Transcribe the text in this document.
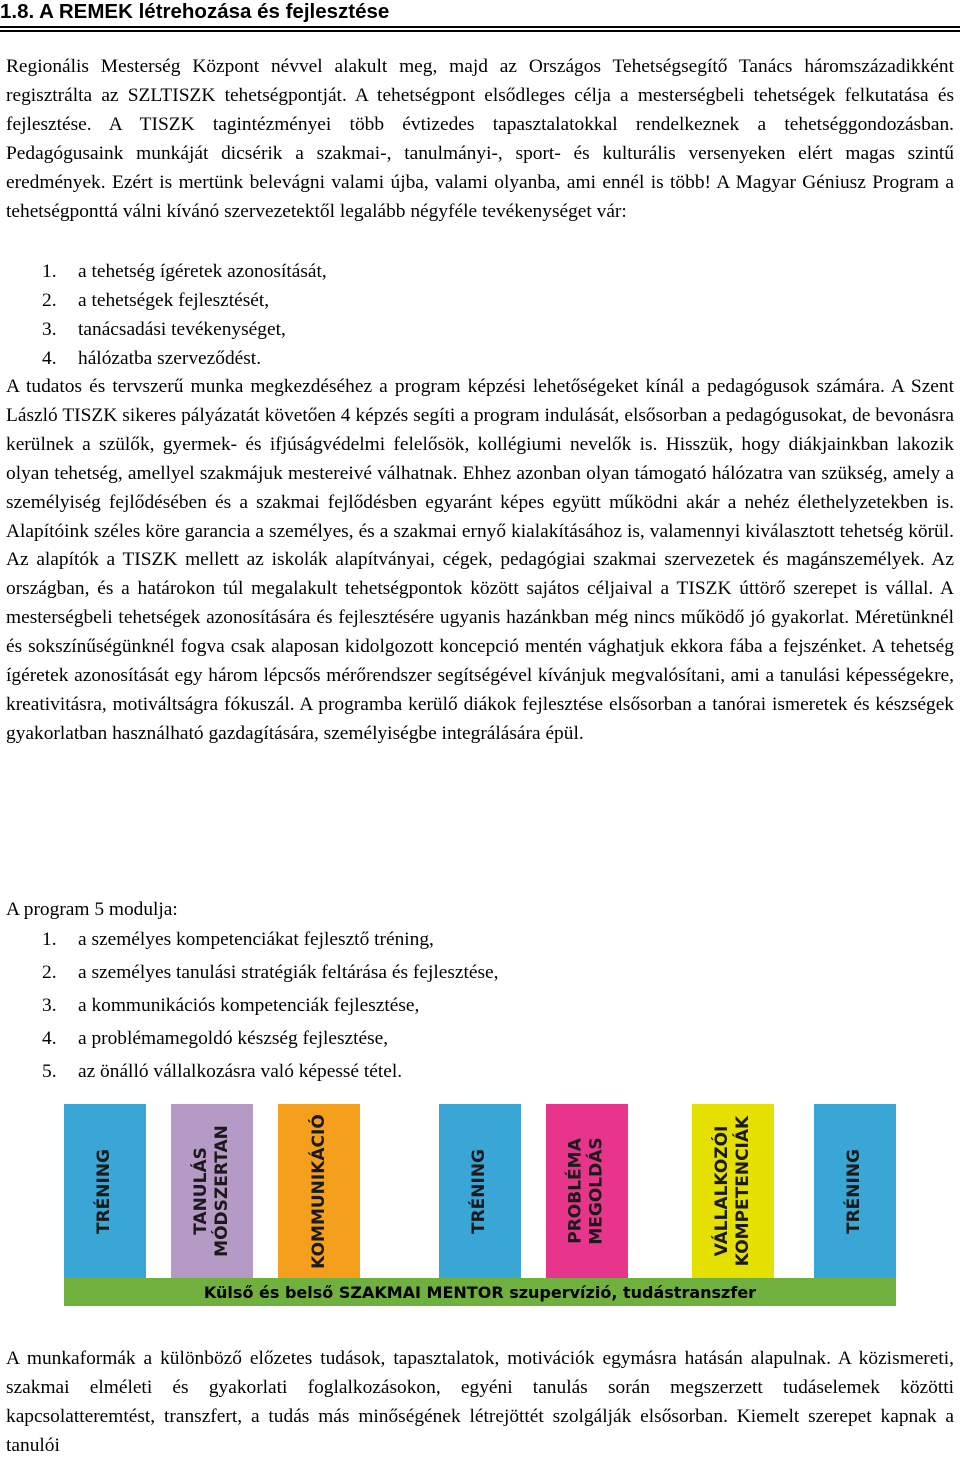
1.8. A REMEK létrehozása és fejlesztése
Regionális Mesterség Központ névvel alakult meg, majd az Országos Tehetségsegítő Tanács háromszázadikként regisztrálta az SZLTISZK tehetségpontját. A tehetségpont elsődleges célja a mesterségbeli tehetségek felkutatása és fejlesztése. A TISZK tagintézményei több évtizedes tapasztalatokkal rendelkeznek a tehetséggondozásban. Pedagógusaink munkáját dicsérik a szakmai-, tanulmányi-, sport- és kulturális versenyeken elért magas szintű eredmények. Ezért is mertünk belevágni valami újba, valami olyanba, ami ennél is több! A Magyar Géniusz Program a tehetségponttá válni kívánó szervezetektől legalább négyféle tevékenységet vár:
1. a tehetség ígéretek azonosítását,
2. a tehetségek fejlesztését,
3. tanácsadási tevékenységet,
4. hálózatba szerveződést.
A tudatos és tervszerű munka megkezdéséhez a program képzési lehetőségeket kínál a pedagógusok számára. A Szent László TISZK sikeres pályázatát követően 4 képzés segíti a program indulását, elsősorban a pedagógusokat, de bevonásra kerülnek a szülők, gyermek- és ifjúságvédelmi felelősök, kollégiumi nevelők is. Hisszük, hogy diákjainkban lakozik olyan tehetség, amellyel szakmájuk mestereivé válhatnak. Ehhez azonban olyan támogató hálózatra van szükség, amely a személyiség fejlődésében és a szakmai fejlődésben egyaránt képes együtt működni akár a nehéz élethelyzetekben is. Alapítóink széles köre garancia a személyes, és a szakmai ernyő kialakításához is, valamennyi kiválasztott tehetség körül. Az alapítók a TISZK mellett az iskolák alapítványai, cégek, pedagógiai szakmai szervezetek és magánszemélyek. Az országban, és a határokon túl megalakult tehetségpontok között sajátos céljaival a TISZK úttörő szerepet is vállal. A mesterségbeli tehetségek azonosítására és fejlesztésére ugyanis hazánkban még nincs működő jó gyakorlat. Méretünknél és sokszínűségünknél fogva csak alaposan kidolgozott koncepció mentén vághatjuk ekkora fába a fejszénket. A tehetség ígéretek azonosítását egy három lépcsős mérőrendszer segítségével kívánjuk megvalósítani, ami a tanulási képességekre, kreativitásra, motiváltságra fókuszál. A programba kerülő diákok fejlesztése elsősorban a tanórai ismeretek és készségek gyakorlatban használható gazdagítására, személyiségbe integrálására épül.
A program 5 modulja:
1. a személyes kompetenciákat fejlesztő tréning,
2. a személyes tanulási stratégiák feltárása és fejlesztése,
3. a kommunikációs kompetenciák fejlesztése,
4. a problémamegoldó készség fejlesztése,
5. az önálló vállalkozásra való képessé tétel.
TRÉNING	TANULÁS
MÓDSZERTAN	KOMMUNIKÁCIÓ	TRÉNING	PROBLÉMA
MEGOLDÁS	VÁLLALKOZÓI
KOMPETENCIÁK	TRÉNING
Külső és belső SZAKMAI MENTOR szupervízió, tudástranszfer
A munkaformák a különböző előzetes tudások, tapasztalatok, motivációk egymásra hatásán alapulnak. A közismereti, szakmai elméleti és gyakorlati foglalkozásokon, egyéni tanulás során megszerzett tudáselemek közötti kapcsolatteremtést, transzfert, a tudás más minőségének létrejöttét szolgálják elsősorban. Kiemelt szerepet kapnak a tanulói
